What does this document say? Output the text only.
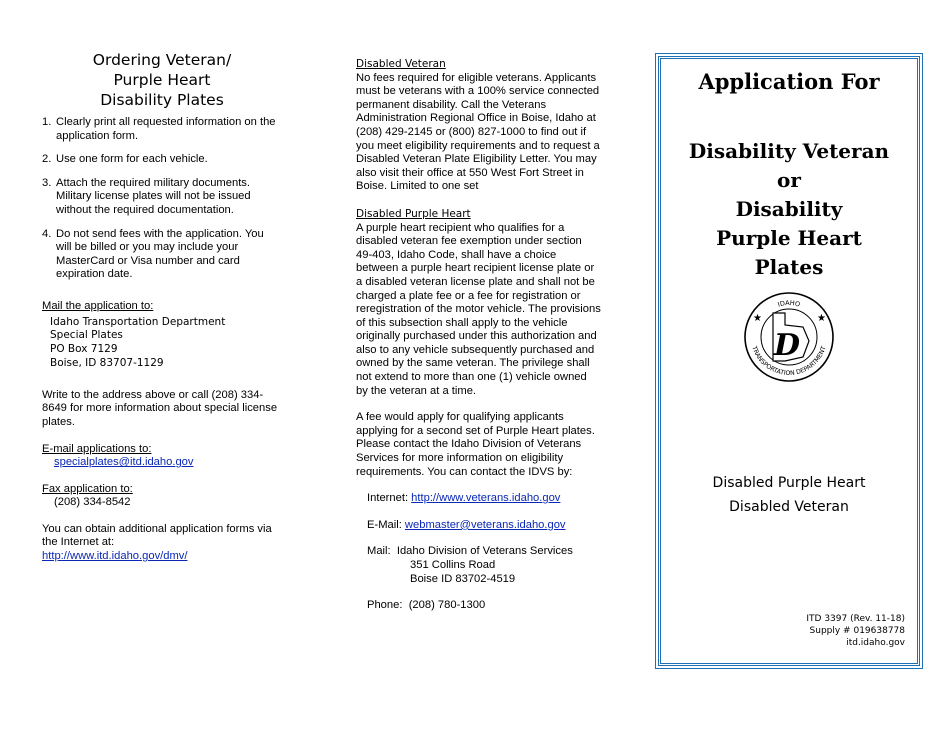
Ordering Veteran/
Purple Heart
Disability Plates
1. Clearly print all requested information on the application form.
2. Use one form for each vehicle.
3. Attach the required military documents. Military license plates will not be issued without the required documentation.
4. Do not send fees with the application. You will be billed or you may include your MasterCard or Visa number and card expiration date.
Mail the application to:
Idaho Transportation Department
Special Plates
PO Box 7129
Boise, ID 83707-1129
Write to the address above or call (208) 334-8649 for more information about special license plates.
E-mail applications to:
specialplates@itd.idaho.gov
Fax application to:
(208) 334-8542
You can obtain additional application forms via the Internet at:
http://www.itd.idaho.gov/dmv/
Disabled Veteran
No fees required for eligible veterans. Applicants must be veterans with a 100% service connected permanent disability. Call the Veterans Administration Regional Office in Boise, Idaho at (208) 429-2145 or (800) 827-1000 to find out if you meet eligibility requirements and to request a Disabled Veteran Plate Eligibility Letter. You may also visit their office at 550 West Fort Street in Boise. Limited to one set
Disabled Purple Heart
A purple heart recipient who qualifies for a disabled veteran fee exemption under section 49-403, Idaho Code, shall have a choice between a purple heart recipient license plate or a disabled veteran license plate and shall not be charged a plate fee or a fee for registration or reregistration of the motor vehicle. The provisions of this subsection shall apply to the vehicle originally purchased under this authorization and also to any vehicle subsequently purchased and owned by the same veteran. The privilege shall not extend to more than one (1) vehicle owned by the veteran at a time.
A fee would apply for qualifying applicants applying for a second set of Purple Heart plates. Please contact the Idaho Division of Veterans Services for more information on eligibility requirements. You can contact the IDVS by:
Internet: http://www.veterans.idaho.gov
E-Mail: webmaster@veterans.idaho.gov
Mail: Idaho Division of Veterans Services
351 Collins Road
Boise ID 83702-4519
Phone: (208) 780-1300
Application For
Disability Veteran
or
Disability
Purple Heart
Plates
D
IDAHO
TRANSPORTATION DEPARTMENT
★	★
Disabled Purple Heart
Disabled Veteran
ITD 3397 (Rev. 11-18)
Supply # 019638778
itd.idaho.gov
